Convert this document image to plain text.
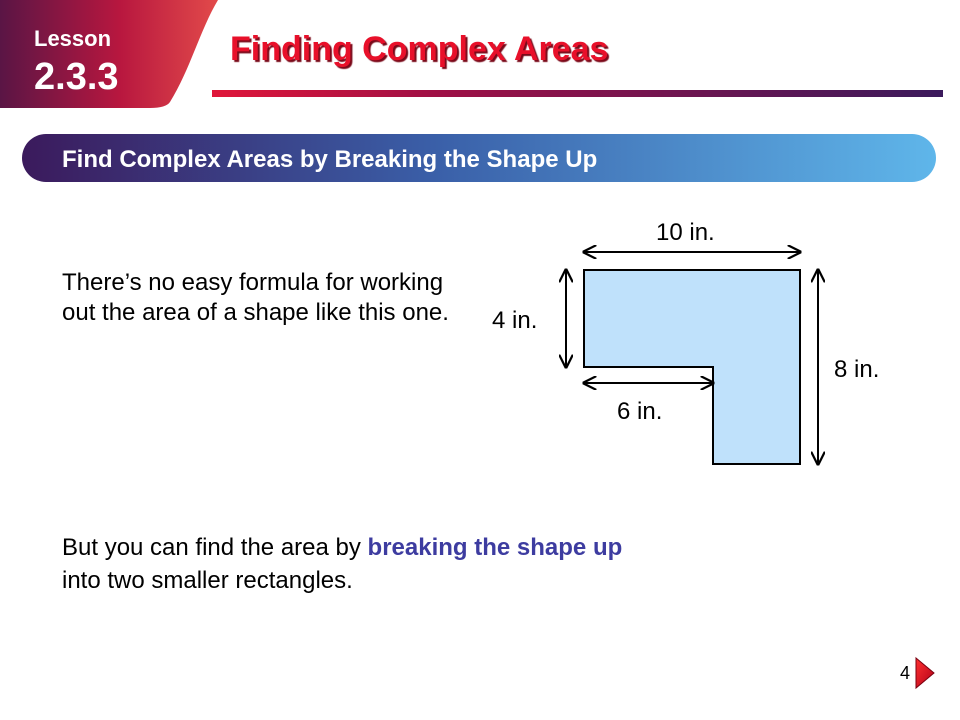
Lesson
2.3.3
Finding Complex Areas
Find Complex Areas by Breaking the Shape Up
There’s no easy formula for working out the area of a shape like this one.
10 in.
4 in.
6 in.
8 in.
But you can find the area by breaking the shape up
into two smaller rectangles.
4
